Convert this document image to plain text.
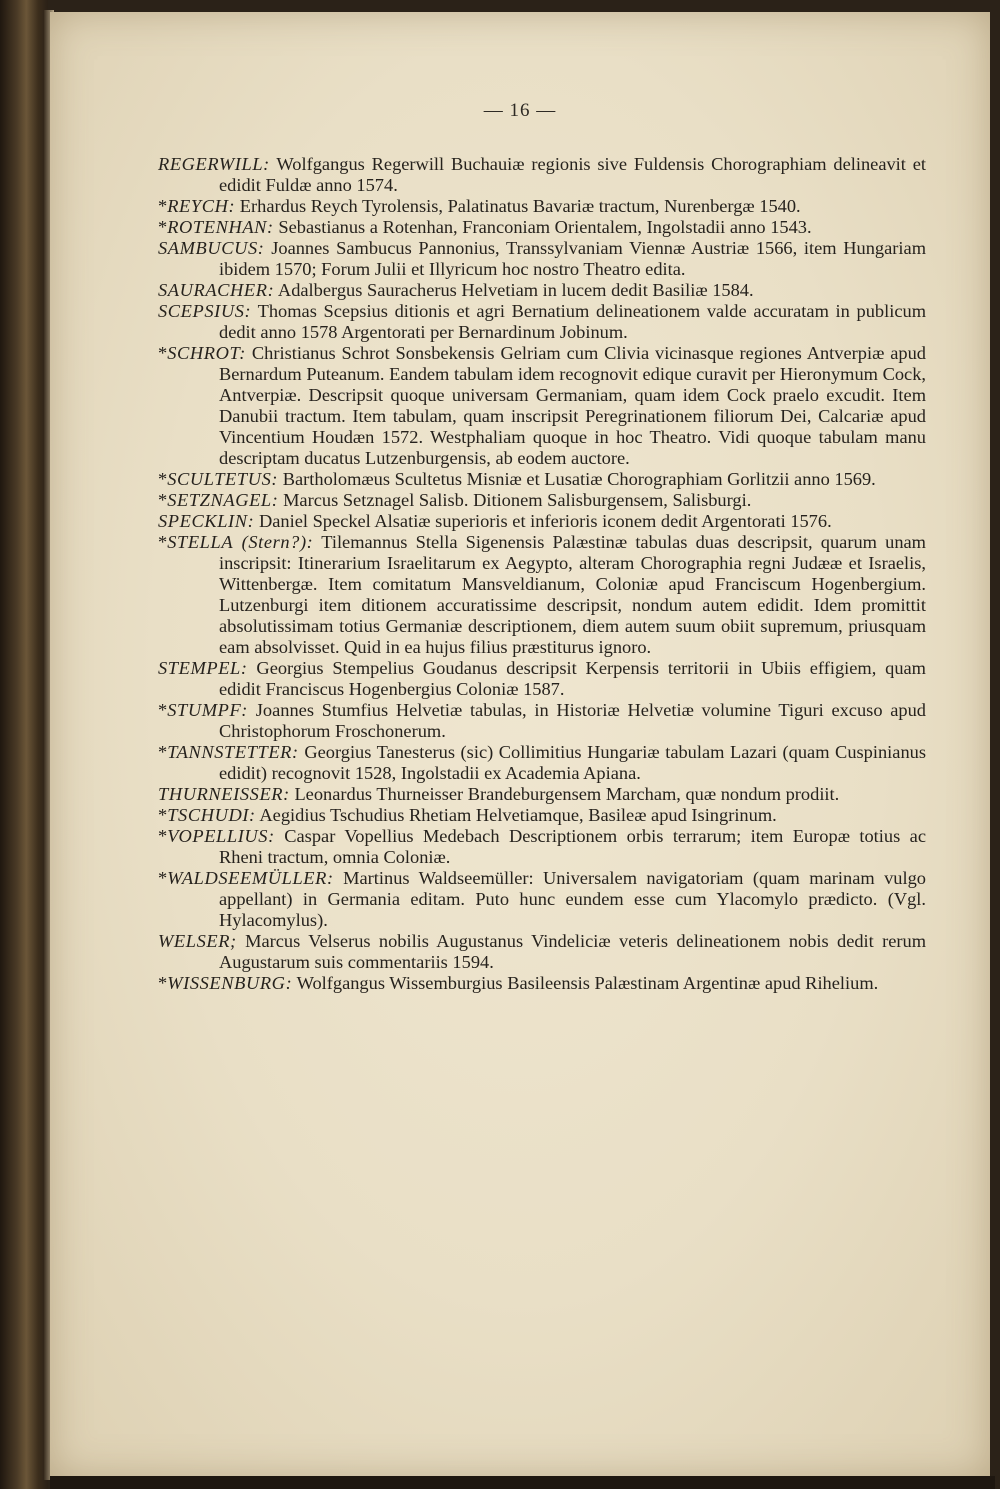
— 16 —

REGERWILL: Wolfgangus Regerwill Buchauiæ regionis sive Fuldensis Chorographiam delineavit et edidit Fuldæ anno 1574.

*REYCH: Erhardus Reych Tyrolensis, Palatinatus Bavariæ tractum, Nurenbergæ 1540.

*ROTENHAN: Sebastianus a Rotenhan, Franconiam Orientalem, Ingolstadii anno 1543.

SAMBUCUS: Joannes Sambucus Pannonius, Transsylvaniam Viennæ Austriæ 1566, item Hungariam ibidem 1570; Forum Julii et Illyricum hoc nostro Theatro edita.

SAURACHER: Adalbergus Sauracherus Helvetiam in lucem dedit Basiliæ 1584.

SCEPSIUS: Thomas Scepsius ditionis et agri Bernatium delineationem valde accuratam in publicum dedit anno 1578 Argentorati per Bernardinum Jobinum.

*SCHROT: Christianus Schrot Sonsbekensis Gelriam cum Clivia vicinasque regiones Antverpiæ apud Bernardum Puteanum. Eandem tabulam idem recognovit edique curavit per Hieronymum Cock, Antverpiæ. Descripsit quoque universam Germaniam, quam idem Cock praelo excudit. Item Danubii tractum. Item tabulam, quam inscripsit Peregrinationem filiorum Dei, Calcariæ apud Vincentium Houdæn 1572. Westphaliam quoque in hoc Theatro. Vidi quoque tabulam manu descriptam ducatus Lutzenburgensis, ab eodem auctore.

*SCULTETUS: Bartholomæus Scultetus Misniæ et Lusatiæ Chorographiam Gorlitzii anno 1569.

*SETZNAGEL: Marcus Setznagel Salisb. Ditionem Salisburgensem, Salisburgi.

SPECKLIN: Daniel Speckel Alsatiæ superioris et inferioris iconem dedit Argentorati 1576.

*STELLA (Stern?): Tilemannus Stella Sigenensis Palæstinæ tabulas duas descripsit, quarum unam inscripsit: Itinerarium Israelitarum ex Aegypto, alteram Chorographia regni Judææ et Israelis, Wittenbergæ. Item comitatum Mansveldianum, Coloniæ apud Franciscum Hogenbergium. Lutzenburgi item ditionem accuratissime descripsit, nondum autem edidit. Idem promittit absolutissimam totius Germaniæ descriptionem, diem autem suum obiit supremum, priusquam eam absolvisset. Quid in ea hujus filius præstiturus ignoro.

STEMPEL: Georgius Stempelius Goudanus descripsit Kerpensis territorii in Ubiis effigiem, quam edidit Franciscus Hogenbergius Coloniæ 1587.

*STUMPF: Joannes Stumfius Helvetiæ tabulas, in Historiæ Helvetiæ volumine Tiguri excuso apud Christophorum Froschonerum.

*TANNSTETTER: Georgius Tanesterus (sic) Collimitius Hungariæ tabulam Lazari (quam Cuspinianus edidit) recognovit 1528, Ingolstadii ex Academia Apiana.

THURNEISSER: Leonardus Thurneisser Brandeburgensem Marcham, quæ nondum prodiit.

*TSCHUDI: Aegidius Tschudius Rhetiam Helvetiamque, Basileæ apud Isingrinum.

*VOPELLIUS: Caspar Vopellius Medebach Descriptionem orbis terrarum; item Europæ totius ac Rheni tractum, omnia Coloniæ.

*WALDSEEMÜLLER: Martinus Waldseemüller: Universalem navigatoriam (quam marinam vulgo appellant) in Germania editam. Puto hunc eundem esse cum Ylacomylo prædicto. (Vgl. Hylacomylus).

WELSER; Marcus Velserus nobilis Augustanus Vindeliciæ veteris delineationem nobis dedit rerum Augustarum suis commentariis 1594.

*WISSENBURG: Wolfgangus Wissemburgius Basileensis Palæstinam Argentinæ apud Rihelium.
